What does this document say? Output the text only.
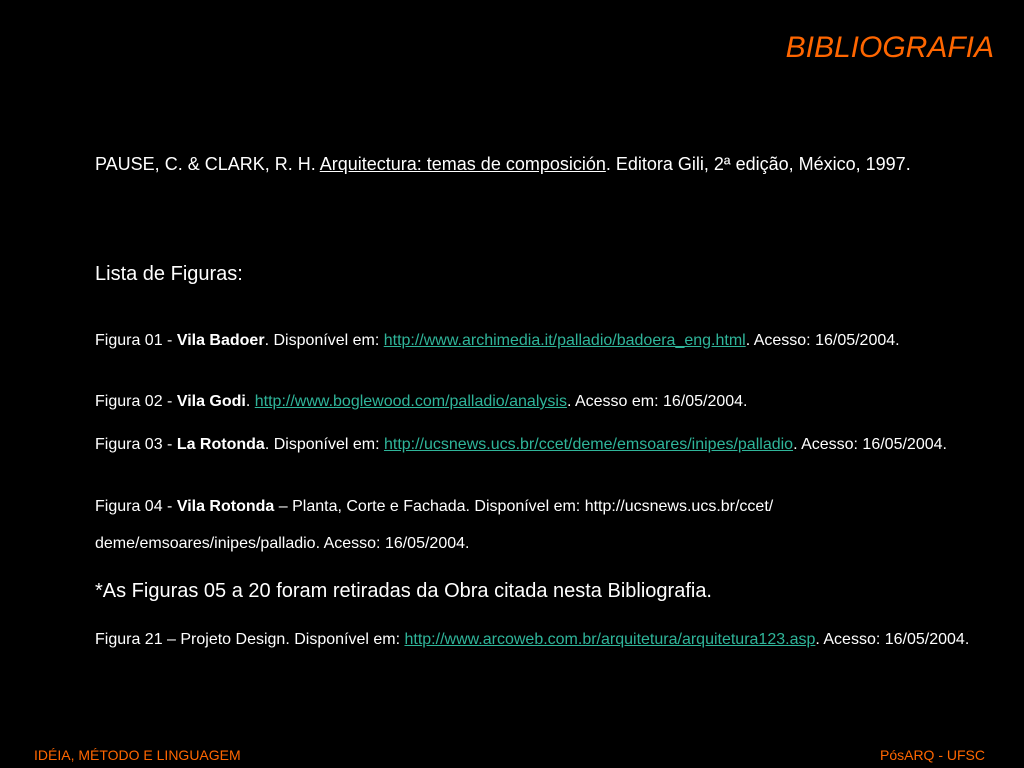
BIBLIOGRAFIA
PAUSE, C. & CLARK, R. H. Arquitectura: temas de composición. Editora Gili, 2ª edição, México, 1997.
Lista de Figuras:
Figura 01 - Vila Badoer. Disponível em: http://www.archimedia.it/palladio/badoera_eng.html. Acesso: 16/05/2004.
Figura 02 - Vila Godi. http://www.boglewood.com/palladio/analysis. Acesso em: 16/05/2004.
Figura 03 - La Rotonda. Disponível em: http://ucsnews.ucs.br/ccet/deme/emsoares/inipes/palladio. Acesso: 16/05/2004.
Figura 04 - Vila Rotonda – Planta, Corte e Fachada. Disponível em: http://ucsnews.ucs.br/ccet/
deme/emsoares/inipes/palladio. Acesso: 16/05/2004.
*As Figuras 05 a 20 foram retiradas da Obra citada nesta Bibliografia.
Figura 21 – Projeto Design. Disponível em: http://www.arcoweb.com.br/arquitetura/arquitetura123.asp. Acesso: 16/05/2004.
IDÉIA, MÉTODO E LINGUAGEM	PósARQ - UFSC
